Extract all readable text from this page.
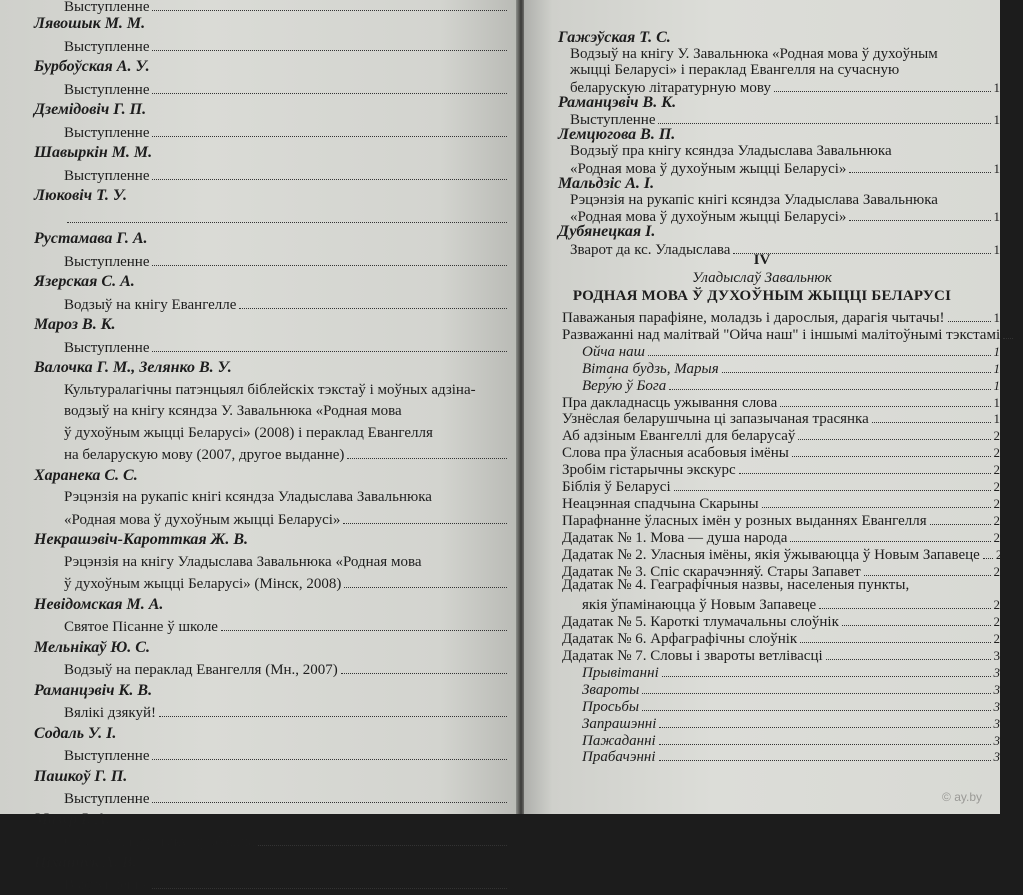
Выступленне
Лявошык М. М.
Выступленне
Бурбоўская А. У.
Выступленне
Дземідовіч Г. П.
Выступленне
Шавыркін М. М.
Выступленне
Люковіч Т. У.
Рустамава Г. А.
Выступленне
Язерская С. А.
Водзыў на кнігу Евангелле
Мароз В. К.
Выступленне
Валочка Г. М., Зелянко В. У.
Культуралагічны патэнцыял біблейскіх тэкстаў і моўных адзіна-
водзыў на кнігу ксяндза У. Завальнюка «Родная мова
ў духоўным жыцці Беларусі» (2008) і пераклад Евангелля
на беларускую мову (2007, другое выданне)
Харанека С. С.
Рэцэнзія на рукапіс кнігі ксяндза Уладыслава Завальнюка
«Родная мова ў духоўным жыцці Беларусі»
Некрашэвіч-Каротткая Ж. В.
Рэцэнзія на кнігу Уладыслава Завальнюка «Родная мова
ў духоўным жыцці Беларусі» (Мінск, 2008)
Невідомская М. А.
Святое Пісанне ў школе
Мельнікаў Ю. С.
Водзыў на пераклад Евангелля (Мн., 2007)
Раманцэвіч К. В.
Вялікі дзякуй!
Содаль У. І.
Выступленне
Пашкоў Г. П.
Выступленне
Мазур І. А.
Слова ў падтрымку пробашча
Ціханчук А. В.
Выступленне
IV
Уладыслаў Завальнюк
РОДНАЯ МОВА Ў ДУХОЎНЫМ ЖЫЦЦІ БЕЛАРУСІ
Гажэўская Т. С.
Водзыў на кнігу У. Завальнюка «Родная мова ў духоўным
жыцці Беларусі» і пераклад Евангелля на сучасную
беларускую літаратурную мову	1
Раманцэвіч В. К.
Выступленне	1
Лемцюгова В. П.
Водзыў пра кнігу ксяндза Уладыслава Завальнюка
«Родная мова ў духоўным жыцці Беларусі»	1
Мальдзіс А. І.
Рэцэнзія на рукапіс кнігі ксяндза Уладыслава Завальнюка
«Родная мова ў духоўным жыцці Беларусі»	1
Дубянецкая І.
Зварот да кс. Уладыслава	1
Паважаныя парафіяне, моладзь і дарослыя, дарагія чытачы!	1
Разважанні над малітвай "Ойча наш" і іншымі малітоўнымі тэкстамі 1
Ойча наш	1
Вітана будзь, Марыя	1
Веру́ю ў Бога	1
Пра дакладнасць ужывання слова	1
Узнёслая беларушчына ці запазычаная трасянка	1
Аб адзіным Евангеллі для беларусаў	2
Слова пра ўласныя асабовыя імёны	2
Зробім гістарычны экскурс	2
Біблія ў Беларусі	2
Неацэнная спадчына Скарыны	2
Парафнанне ўласных імён у розных выданнях Евангелля	2
Дадатак № 1. Мова — душа народа	2
Дадатак № 2. Уласныя імёны, якія ўжываюцца ў Новым Запавеце 2
Дадатак № 3. Спіс скарачэнняў. Стары Запавет	2
Дадатак № 4. Геаграфічныя назвы, населеныя пункты,
якія ўпамінаюцца ў Новым Запавеце	2
Дадатак № 5. Кароткі тлумачальны слоўнік	2
Дадатак № 6. Арфаграфічны слоўнік	2
Дадатак № 7. Словы і звароты ветлівасці	3
Прывітанні	3
Звароты	3
Просьбы	3
Запрашэнні	3
Пажаданні	3
Прабачэнні	3
© ay.by
